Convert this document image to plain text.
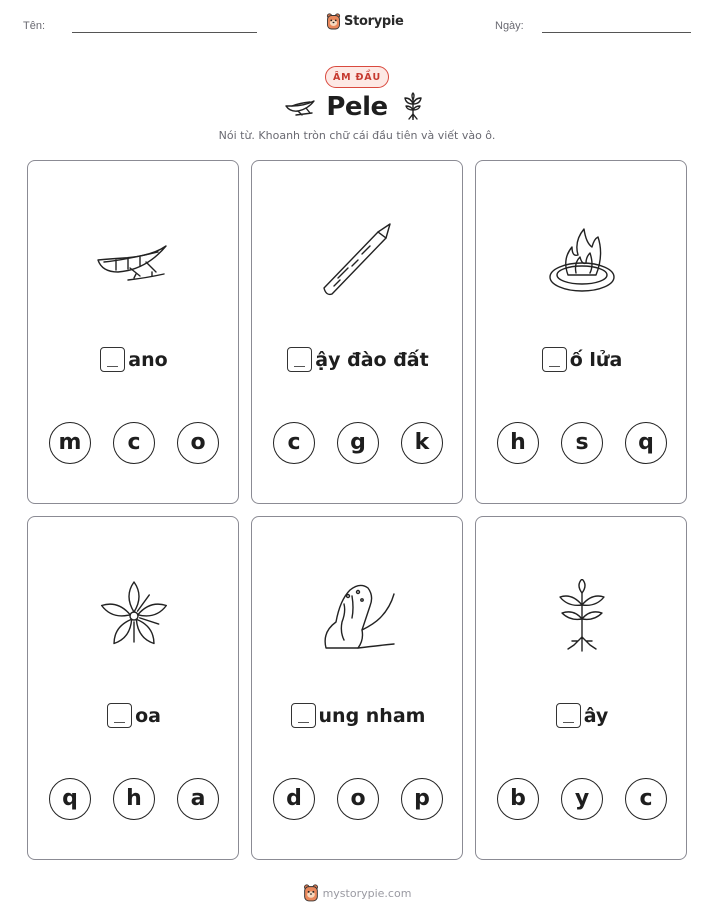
Tên:	Storypie	Ngày:
ÂM ĐẦU
Pele
Nói từ. Khoanh tròn chữ cái đầu tiên và viết vào ô.
ano
m	c	o
ậy đào đất
c	g	k
ố lửa
h	s	q
oa
q	h	a
ung nham
d	o	p
ây
b	y	c
mystorypie.com
